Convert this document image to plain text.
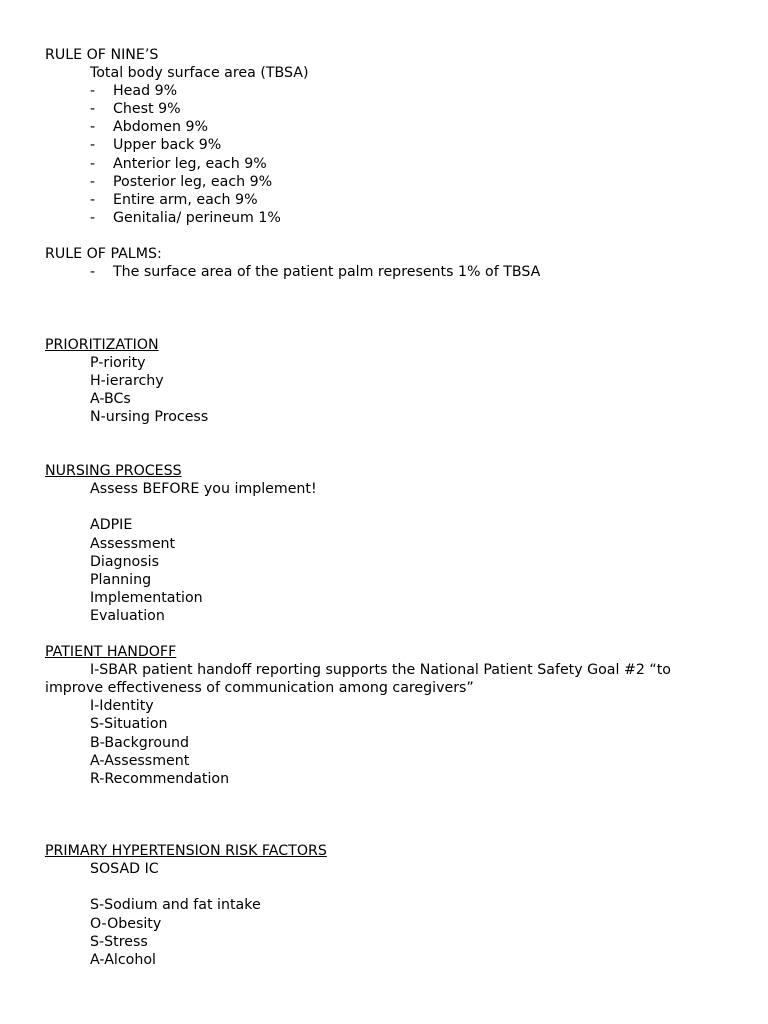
RULE OF NINE’S
Total body surface area (TBSA)
- Head 9%
- Chest 9%
- Abdomen 9%
- Upper back 9%
- Anterior leg, each 9%
- Posterior leg, each 9%
- Entire arm, each 9%
- Genitalia/ perineum 1%
RULE OF PALMS:
- The surface area of the patient palm represents 1% of TBSA
PRIORITIZATION
P-riority
H-ierarchy
A-BCs
N-ursing Process
NURSING PROCESS
Assess BEFORE you implement!
ADPIE
Assessment
Diagnosis
Planning
Implementation
Evaluation
PATIENT HANDOFF
I-SBAR patient handoff reporting supports the National Patient Safety Goal #2 “to improve effectiveness of communication among caregivers”
I-Identity
S-Situation
B-Background
A-Assessment
R-Recommendation
PRIMARY HYPERTENSION RISK FACTORS
SOSAD IC
S-Sodium and fat intake
O-Obesity
S-Stress
A-Alcohol
